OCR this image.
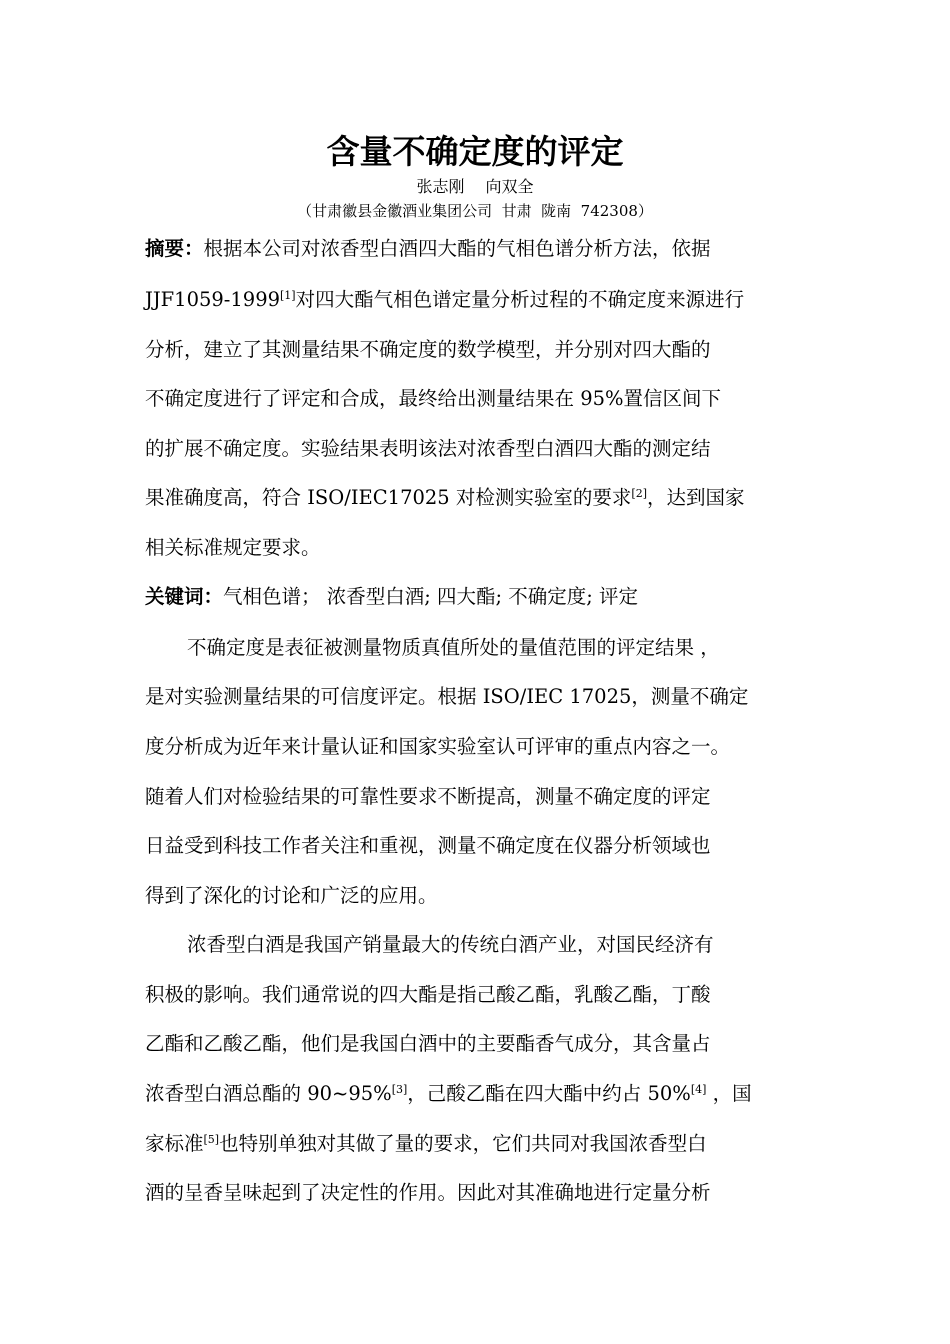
含量不确定度的评定
张志刚　 向双全
（甘肃徽县金徽酒业集团公司  甘肃  陇南  742308）
摘要：根据本公司对浓香型白酒四大酯的气相色谱分析方法，依据
JJF1059-1999[1]对四大酯气相色谱定量分析过程的不确定度来源进行
分析，建立了其测量结果不确定度的数学模型，并分别对四大酯的
不确定度进行了评定和合成，最终给出测量结果在 95%置信区间下
的扩展不确定度。实验结果表明该法对浓香型白酒四大酯的测定结
果准确度高，符合 ISO/IEC17025 对检测实验室的要求[2]，达到国家
相关标准规定要求。
关键词：气相色谱； 浓香型白酒; 四大酯; 不确定度; 评定
不确定度是表征被测量物质真值所处的量值范围的评定结果 ，
是对实验测量结果的可信度评定。根据 ISO/IEC 17025，测量不确定
度分析成为近年来计量认证和国家实验室认可评审的重点内容之一。
随着人们对检验结果的可靠性要求不断提高，测量不确定度的评定
日益受到科技工作者关注和重视，测量不确定度在仪器分析领域也
得到了深化的讨论和广泛的应用。
浓香型白酒是我国产销量最大的传统白酒产业，对国民经济有
积极的影响。我们通常说的四大酯是指己酸乙酯，乳酸乙酯，丁酸
乙酯和乙酸乙酯，他们是我国白酒中的主要酯香气成分，其含量占
浓香型白酒总酯的 90~95%[3]，己酸乙酯在四大酯中约占 50%[4] ，国
家标准[5]也特别单独对其做了量的要求，它们共同对我国浓香型白
酒的呈香呈味起到了决定性的作用。因此对其准确地进行定量分析
